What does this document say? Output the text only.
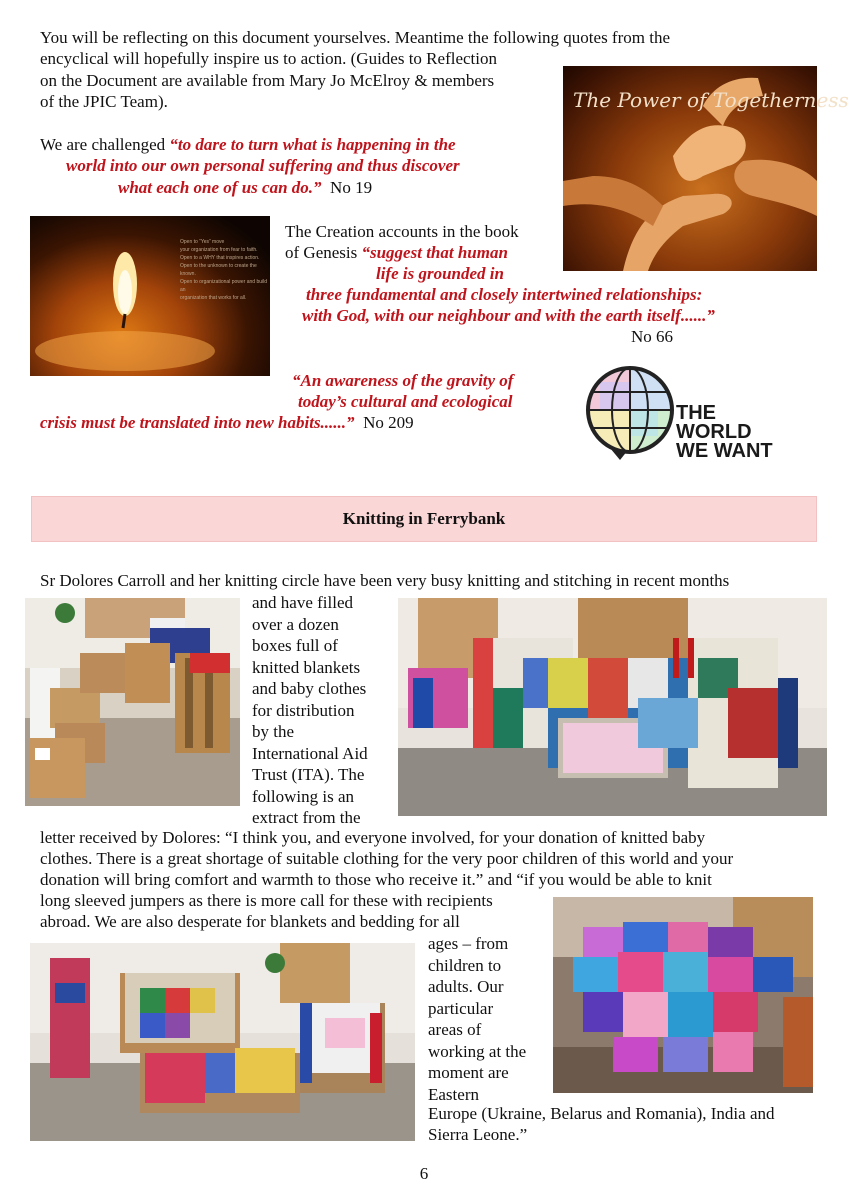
You will be reflecting on this document yourselves. Meantime the following quotes from the
encyclical will hopefully inspire us to action. (Guides to Reflection
on the Document are available from Mary Jo McElroy & members
of the JPIC Team).	The Power of Togetherness
We are challenged “to dare to turn what is happening in the
world into our own personal suffering and thus discover
what each one of us can do.” No 19
Open to “Yes” move
your organization from fear to faith.
Open to a WHY that inspires action.
Open to the unknown to create the known.
Open to organizational power and build an
organization that works for all.
The Creation accounts in the book
of Genesis “suggest that human
life is grounded in
three fundamental and closely intertwined relationships:
with God, with our neighbour and with the earth itself......”
No 66
“An awareness of the gravity of
today’s cultural and ecological
crisis must be translated into new habits......” No 209	THE
WORLD
WE WANT
Knitting in Ferrybank
Sr Dolores Carroll and her knitting circle have been very busy knitting and stitching in recent months
and have filled
over a dozen
boxes full of
knitted blankets
and baby clothes
for distribution
by the
International Aid
Trust (ITA). The
following is an
extract from the
letter received by Dolores: “I think you, and everyone involved, for your donation of knitted baby
clothes. There is a great shortage of suitable clothing for the very poor children of this world and your
donation will bring comfort and warmth to those who receive it.” and “if you would be able to knit
long sleeved jumpers as there is more call for these with recipients
abroad. We are also desperate for blankets and bedding for all
ages – from
children to
adults. Our
particular
areas of
working at the
moment are
Eastern
Europe (Ukraine, Belarus and Romania), India and
Sierra Leone.”
6
